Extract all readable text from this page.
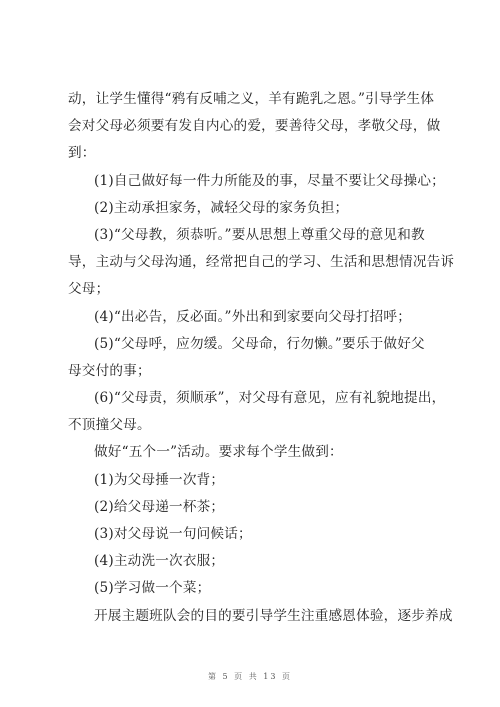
动，让学生懂得“鸦有反哺之义，羊有跪乳之恩。”引导学生体
会对父母必须要有发自内心的爱，要善待父母，孝敬父母，做
到：
(1)自己做好每一件力所能及的事，尽量不要让父母操心；
(2)主动承担家务，减轻父母的家务负担；
(3)“父母教，须恭听。”要从思想上尊重父母的意见和教
导，主动与父母沟通，经常把自己的学习、生活和思想情况告诉
父母；
(4)“出必告，反必面。”外出和到家要向父母打招呼；
(5)“父母呼，应勿缓。父母命，行勿懒。”要乐于做好父
母交付的事；
(6)“父母责，须顺承”，对父母有意见，应有礼貌地提出，
不顶撞父母。
做好“五个一”活动。要求每个学生做到：
(1)为父母捶一次背；
(2)给父母递一杯茶；
(3)对父母说一句问候话；
(4)主动洗一次衣服；
(5)学习做一个菜；
开展主题班队会的目的要引导学生注重感恩体验，逐步养成
第 5 页 共 13 页
